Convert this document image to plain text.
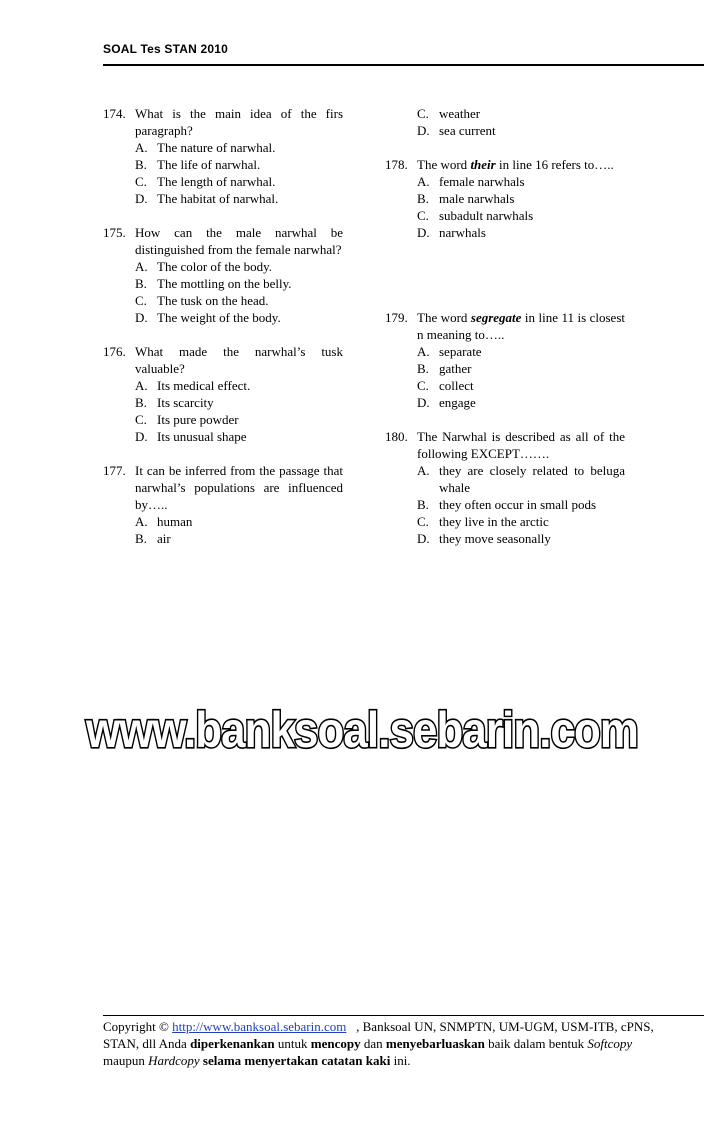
SOAL Tes STAN 2010
174. What is the main idea of the firs paragraph?
A. The nature of narwhal.
B. The life of narwhal.
C. The length of narwhal.
D. The habitat of narwhal.
175. How can the male narwhal be distinguished from the female narwhal?
A. The color of the body.
B. The mottling on the belly.
C. The tusk on the head.
D. The weight of the body.
176. What made the narwhal’s tusk valuable?
A. Its medical effect.
B. Its scarcity
C. Its pure powder
D. Its unusual shape
177. It can be inferred from the passage that narwhal’s populations are influenced by…..
A. human
B. air
C. weather
D. sea current
178. The word their in line 16 refers to…..
A. female narwhals
B. male narwhals
C. subadult narwhals
D. narwhals
179. The word segregate in line 11 is closest n meaning to…..
A. separate
B. gather
C. collect
D. engage
180. The Narwhal is described as all of the following EXCEPT…….
A. they are closely related to beluga whale
B. they often occur in small pods
C. they live in the arctic
D. they move seasonally
www.banksoal.sebarin.com
Copyright © http://www.banksoal.sebarin.com   , Banksoal UN, SNMPTN, UM-UGM, USM-ITB, cPNS, STAN, dll Anda diperkenankan untuk mencopy dan menyebarluaskan baik dalam bentuk Softcopy maupun Hardcopy selama menyertakan catatan kaki ini.
